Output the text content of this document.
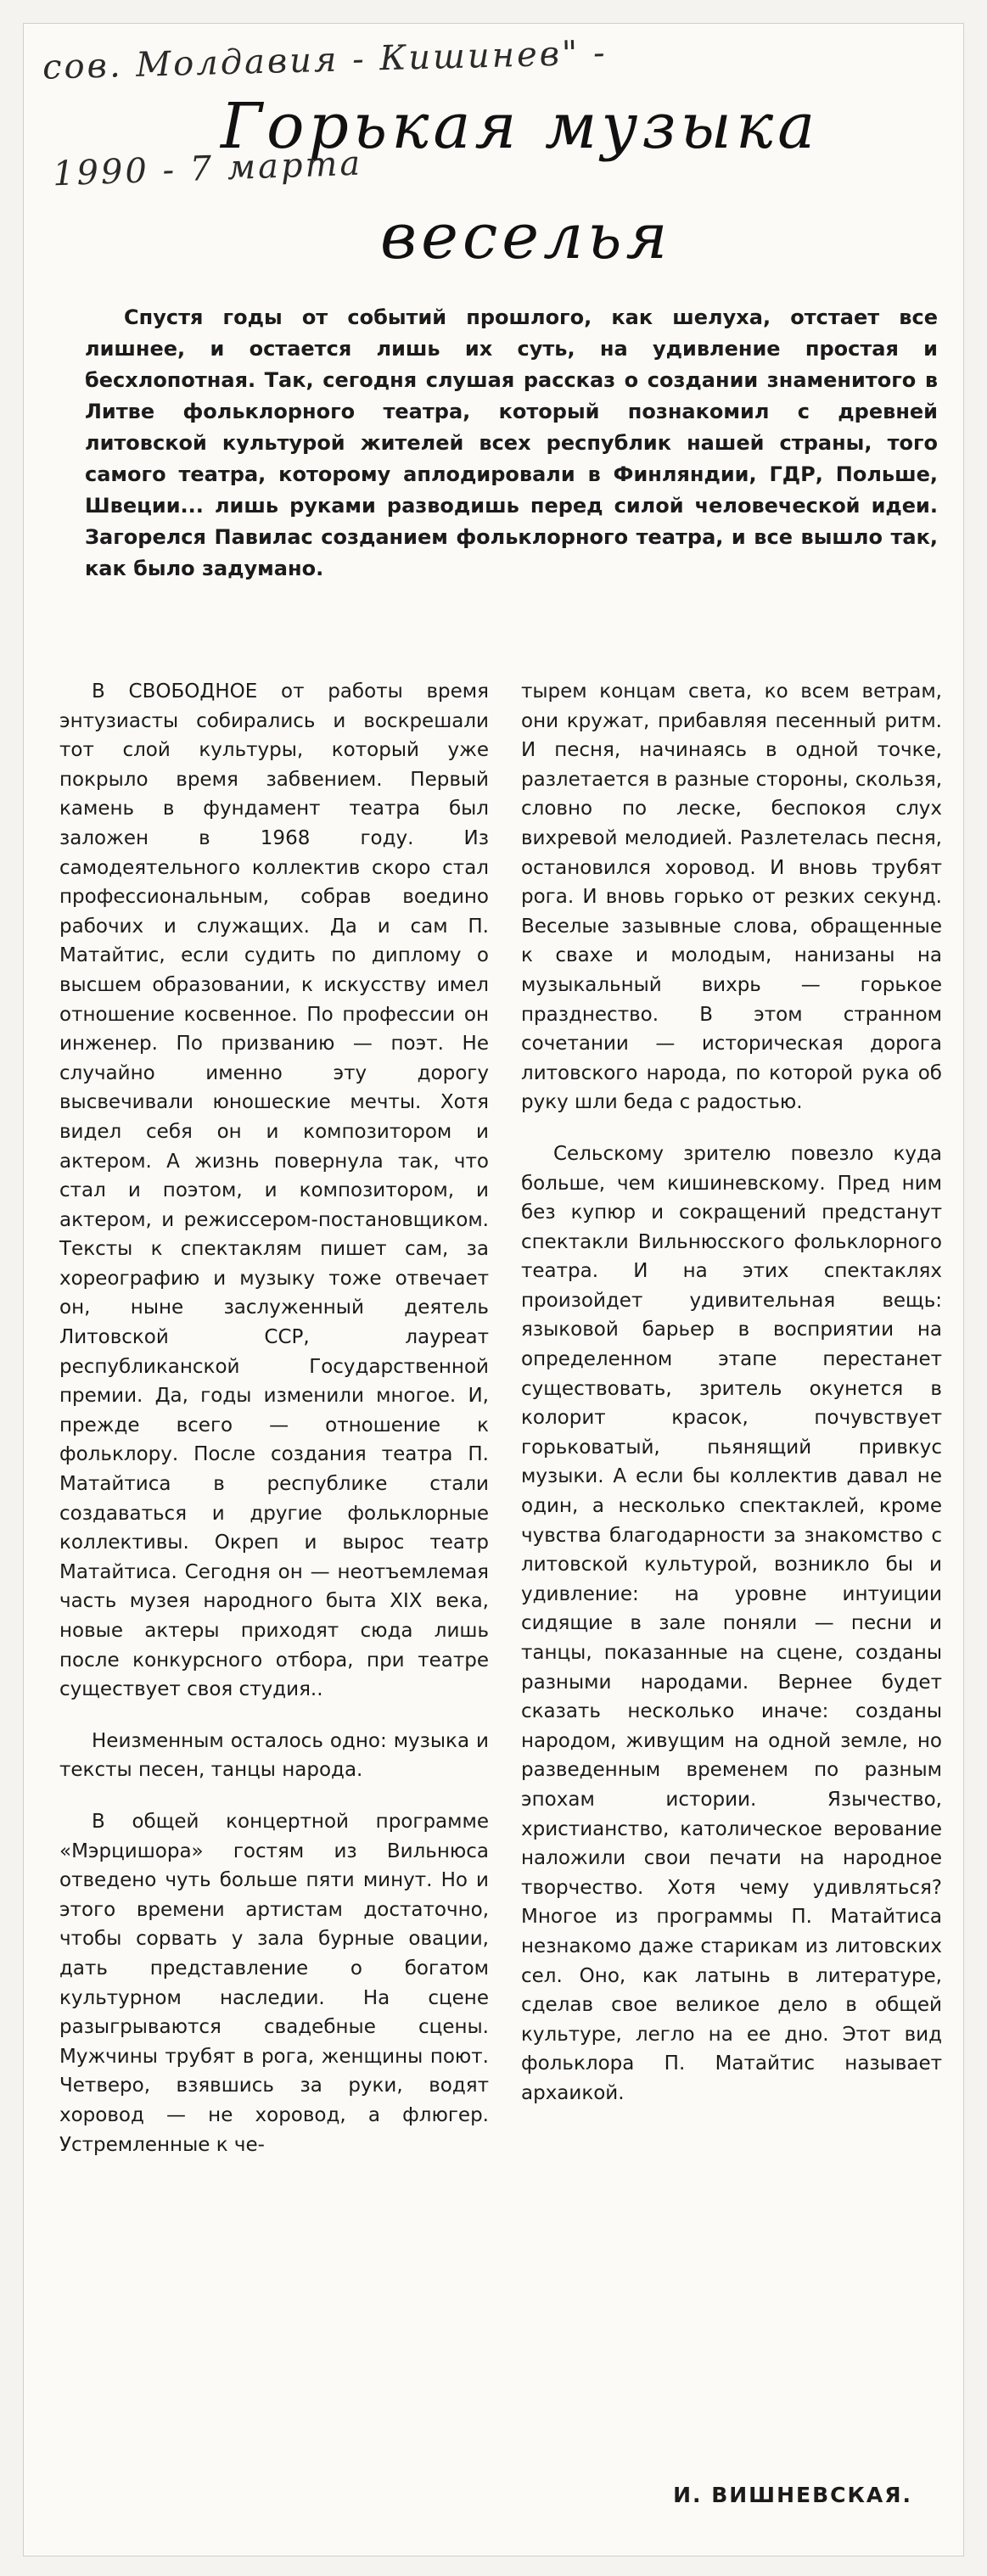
сов. Молдавия - Кишинев" -
Горькая музыка
1990 - 7 марта
веселья

Спустя годы от событий прошлого, как шелуха, отстает все лишнее, и остается лишь их суть, на удивление простая и бесхлопотная. Так, сегодня слушая рассказ о создании знаменитого в Литве фольклорного театра, который познакомил с древней литовской культурой жителей всех республик нашей страны, того самого театра, которому аплодировали в Финляндии, ГДР, Польше, Швеции... лишь руками разводишь перед силой человеческой идеи. Загорелся Павилас созданием фольклорного театра, и все вышло так, как было задумано.

В СВОБОДНОЕ от работы время энтузиасты собирались и воскрешали тот слой культуры, который уже покрыло время забвением. Первый камень в фундамент театра был заложен в 1968 году. Из самодеятельного коллектив скоро стал профессиональным, собрав воедино рабочих и служащих. Да и сам П. Матайтис, если судить по диплому о высшем образовании, к искусству имел отношение косвенное. По профессии он инженер. По призванию — поэт. Не случайно именно эту дорогу высвечивали юношеские мечты. Хотя видел себя он и композитором и актером. А жизнь повернула так, что стал и поэтом, и композитором, и актером, и режиссером-постановщиком. Тексты к спектаклям пишет сам, за хореографию и музыку тоже отвечает он, ныне заслуженный деятель Литовской ССР, лауреат республиканской Государственной премии. Да, годы изменили многое. И, прежде всего — отношение к фольклору. После создания театра П. Матайтиса в республике стали создаваться и другие фольклорные коллективы. Окреп и вырос театр Матайтиса. Сегодня он — неотъемлемая часть музея народного быта XIX века, новые актеры приходят сюда лишь после конкурсного отбора, при театре существует своя студия..

Неизменным осталось одно: музыка и тексты песен, танцы народа.

В общей концертной программе «Мэрцишора» гостям из Вильнюса отведено чуть больше пяти минут. Но и этого времени артистам достаточно, чтобы сорвать у зала бурные овации, дать представление о богатом культурном наследии. На сцене разыгрываются свадебные сцены. Мужчины трубят в рога, женщины поют. Четверо, взявшись за руки, водят хоровод — не хоровод, а флюгер. Устремленные к че-

тырем концам света, ко всем ветрам, они кружат, прибавляя песенный ритм. И песня, начинаясь в одной точке, разлетается в разные стороны, скользя, словно по леске, беспокоя слух вихревой мелодией. Разлетелась песня, остановился хоровод. И вновь трубят рога. И вновь горько от резких секунд. Веселые зазывные слова, обращенные к свахе и молодым, нанизаны на музыкальный вихрь — горькое празднество. В этом странном сочетании — историческая дорога литовского народа, по которой рука об руку шли беда с радостью.

Сельскому зрителю повезло куда больше, чем кишиневскому. Пред ним без купюр и сокращений предстанут спектакли Вильнюсского фольклорного театра. И на этих спектаклях произойдет удивительная вещь: языковой барьер в восприятии на определенном этапе перестанет существовать, зритель окунется в колорит красок, почувствует горьковатый, пьянящий привкус музыки. А если бы коллектив давал не один, а несколько спектаклей, кроме чувства благодарности за знакомство с литовской культурой, возникло бы и удивление: на уровне интуиции сидящие в зале поняли — песни и танцы, показанные на сцене, созданы разными народами. Вернее будет сказать несколько иначе: созданы народом, живущим на одной земле, но разведенным временем по разным эпохам истории. Язычество, христианство, католическое верование наложили свои печати на народное творчество. Хотя чему удивляться? Многое из программы П. Матайтиса незнакомо даже старикам из литовских сел. Оно, как латынь в литературе, сделав свое великое дело в общей культуре, легло на ее дно. Этот вид фольклора П. Матайтис называет архаикой.

И. ВИШНЕВСКАЯ.
